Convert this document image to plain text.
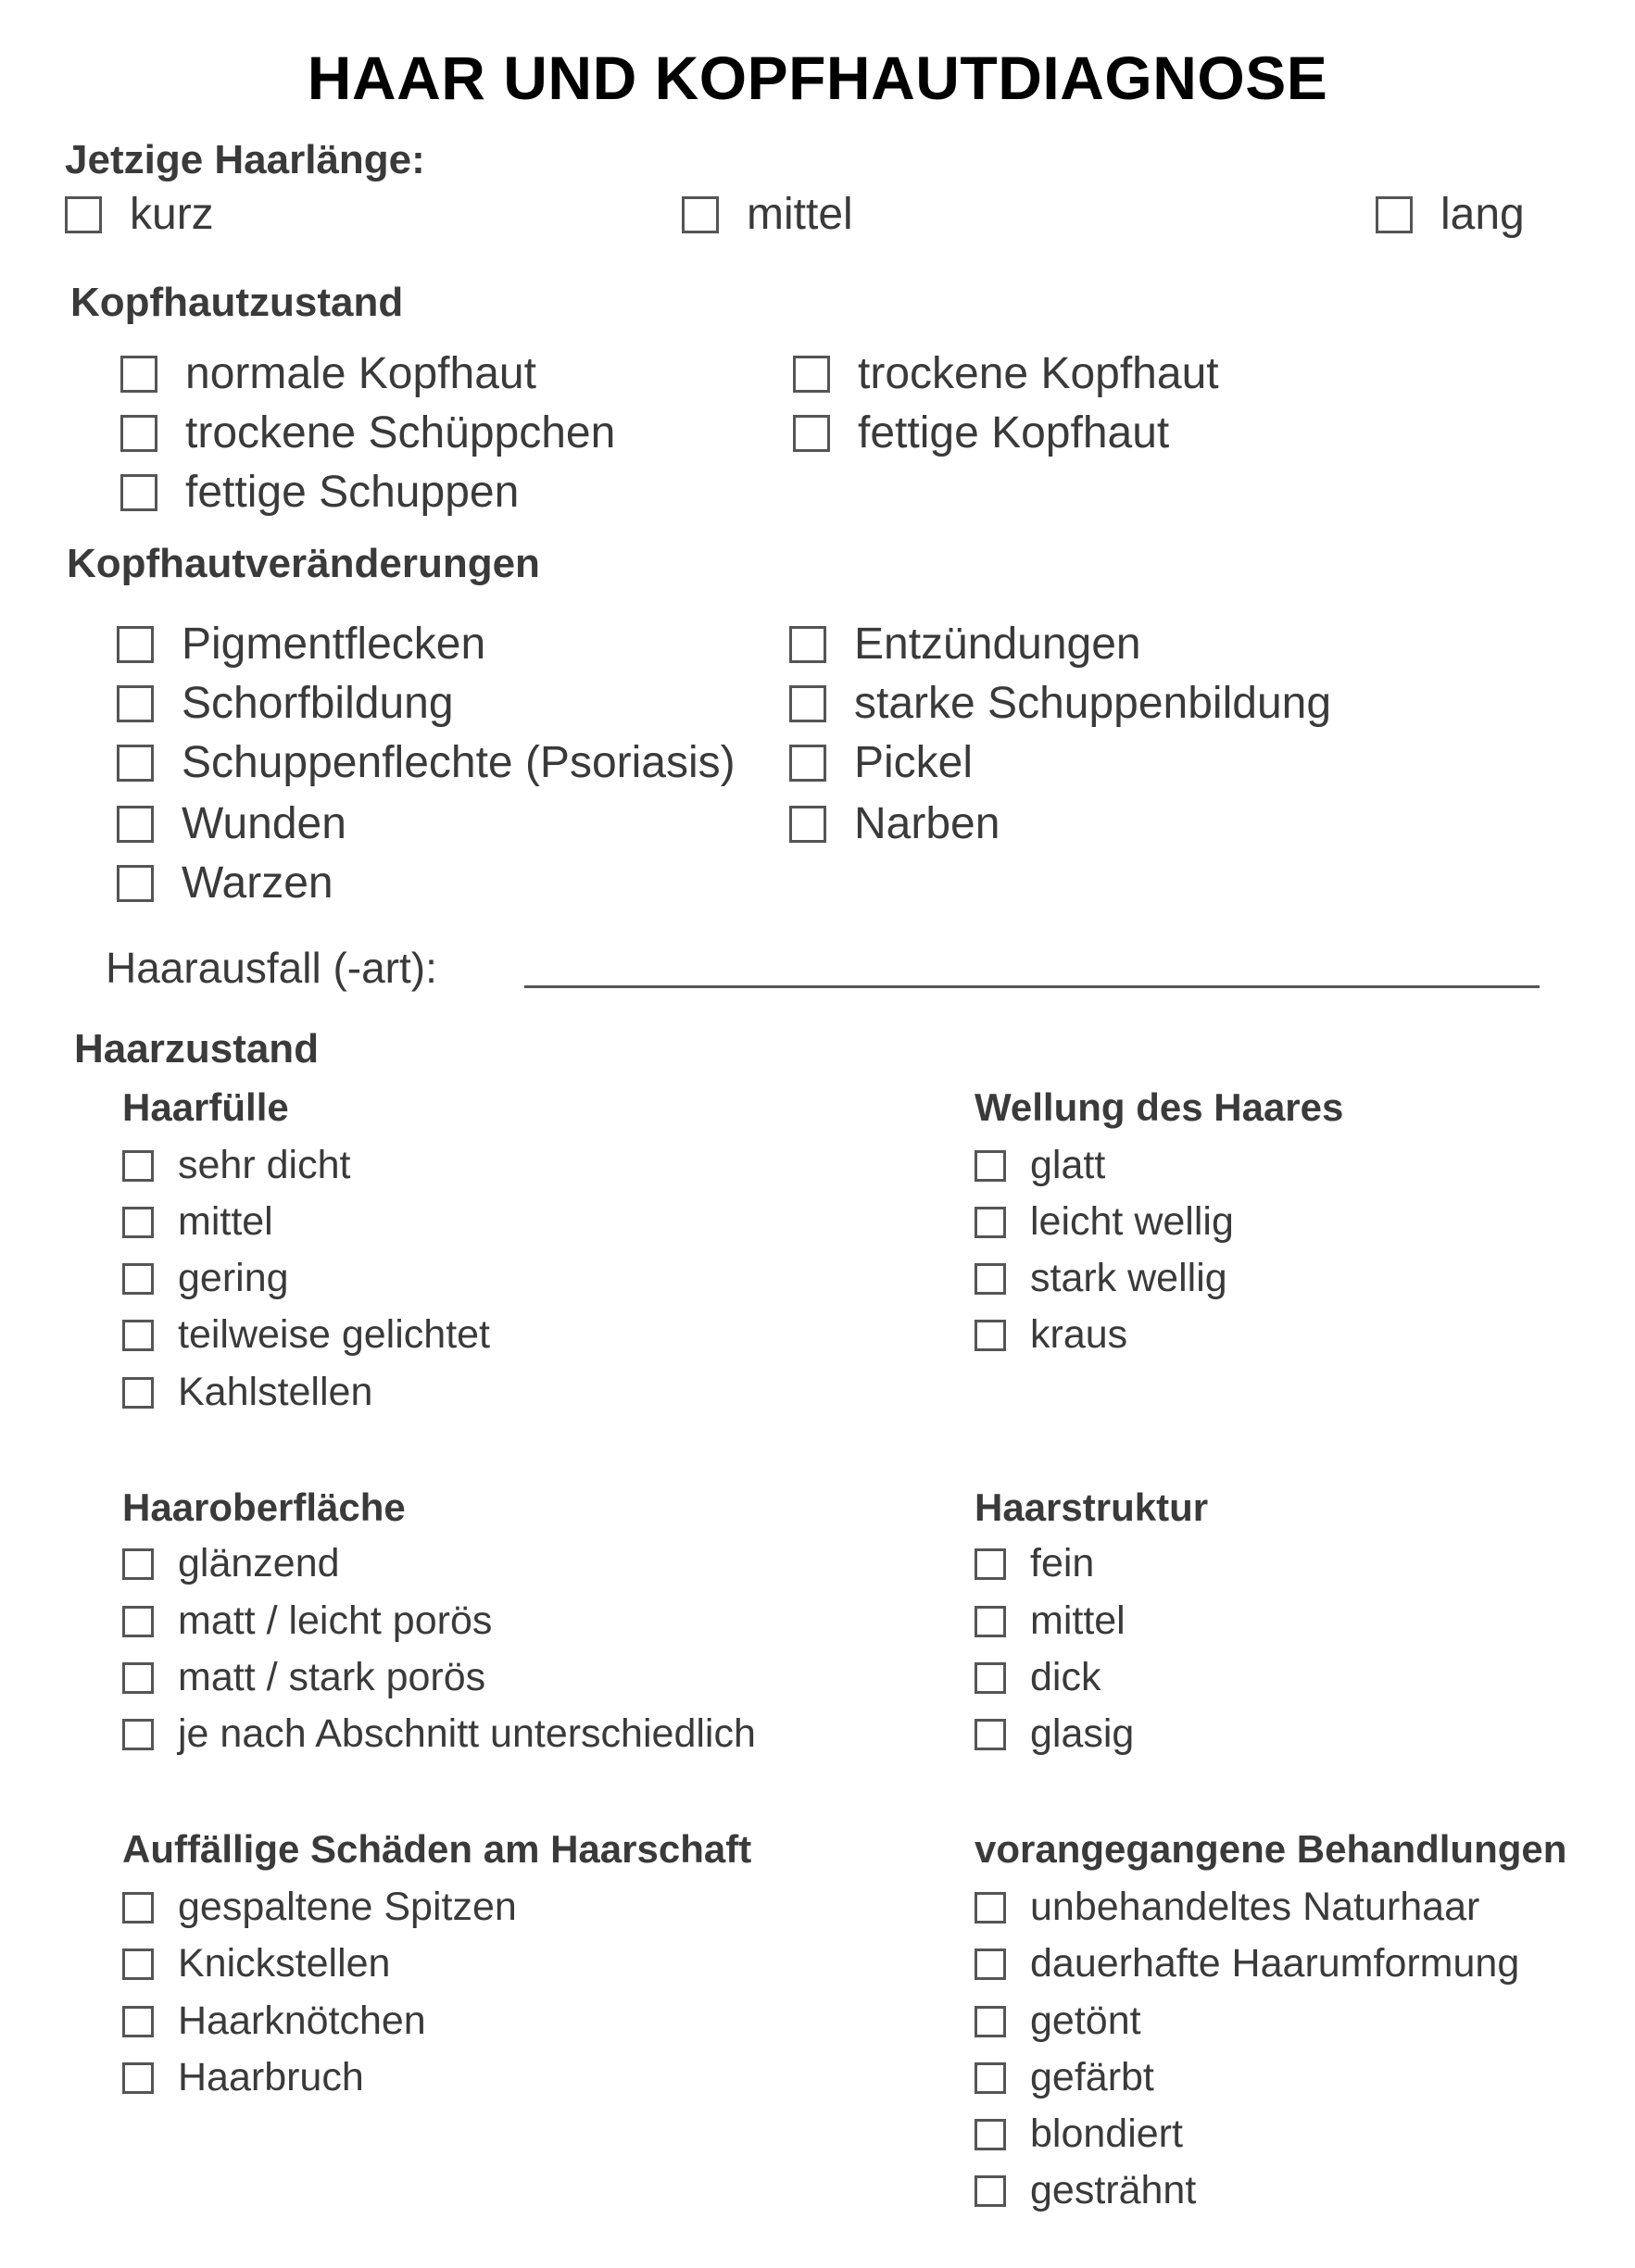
HAAR UND KOPFHAUTDIAGNOSE
Jetzige Haarlänge:
kurz	mittel	lang
Kopfhautzustand
normale Kopfhaut
trockene Schüppchen
fettige Schuppen
trockene Kopfhaut
fettige Kopfhaut
Kopfhautveränderungen
Pigmentflecken
Schorfbildung
Schuppenflechte (Psoriasis)
Wunden
Warzen
Entzündungen
starke Schuppenbildung
Pickel
Narben
Haarausfall (-art):
Haarzustand
Haarfülle
sehr dicht
mittel
gering
teilweise gelichtet
Kahlstellen
Wellung des Haares
glatt
leicht wellig
stark wellig
kraus
Haaroberfläche
glänzend
matt / leicht porös
matt / stark porös
je nach Abschnitt unterschiedlich
Haarstruktur
fein
mittel
dick
glasig
Auffällige Schäden am Haarschaft
gespaltene Spitzen
Knickstellen
Haarknötchen
Haarbruch
vorangegangene Behandlungen
unbehandeltes Naturhaar
dauerhafte Haarumformung
getönt
gefärbt
blondiert
gesträhnt
